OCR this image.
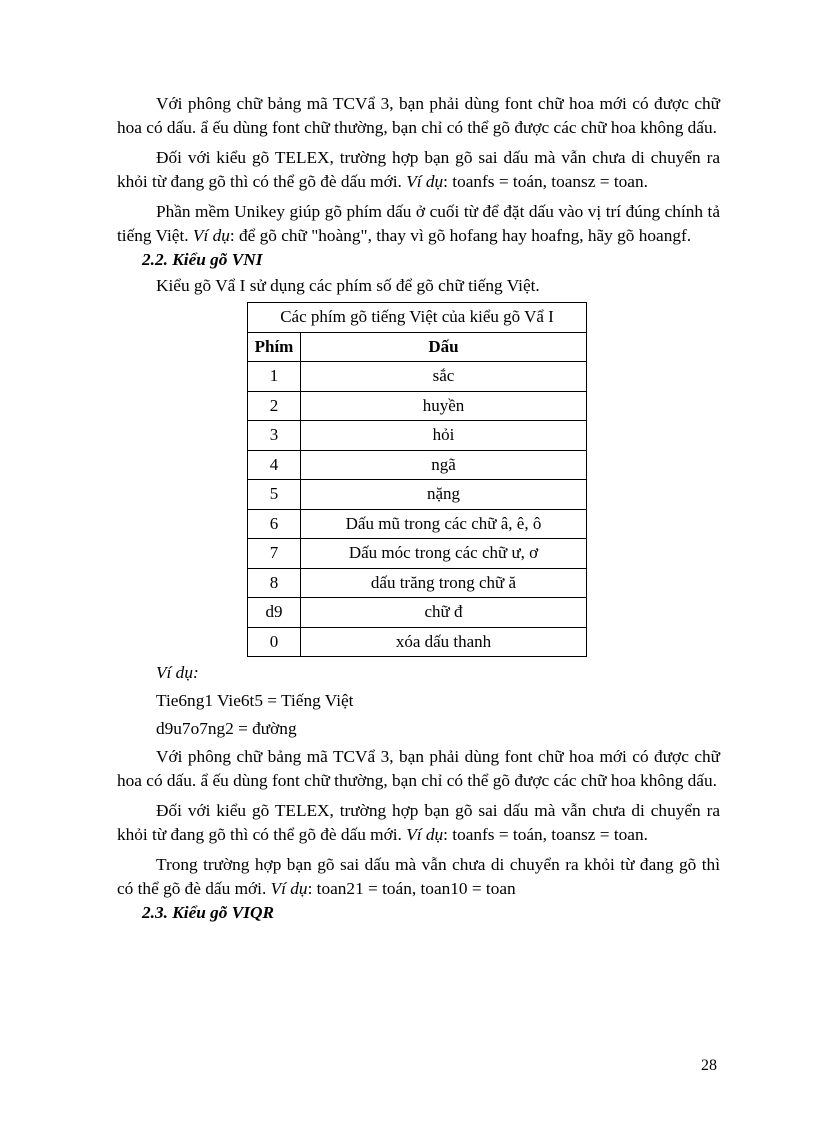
Với phông chữ bảng mã TCVẩ 3, bạn phải dùng font chữ hoa mới có được chữ hoa có dấu. ẩ ếu dùng font chữ thường, bạn chỉ có thể gõ được các chữ hoa không dấu.

Đối với kiểu gõ TELEX, trường hợp bạn gõ sai dấu mà vẫn chưa di chuyển ra khỏi từ đang gõ thì có thể gõ đè dấu mới. Ví dụ: toanfs = toán, toansz = toan.

Phần mềm Unikey giúp gõ phím dấu ở cuối từ để đặt dấu vào vị trí đúng chính tả tiếng Việt. Ví dụ: để gõ chữ "hoàng", thay vì gõ hofang hay hoafng, hãy gõ hoangf.

2.2. Kiểu gõ VNI

Kiểu gõ Vẩ I sử dụng các phím số để gõ chữ tiếng Việt.

Các phím gõ tiếng Việt của kiểu gõ Vẩ I	
Phím	Dấu
1	sắc
2	huyền
3	hỏi
4	ngã
5	nặng
6	Dấu mũ trong các chữ â, ê, ô
7	Dấu móc trong các chữ ư, ơ
8	dấu trăng trong chữ ă
d9	chữ đ
0	xóa dấu thanh

Ví dụ:

Tie6ng1 Vie6t5 = Tiếng Việt

d9u7o7ng2 = đường

Với phông chữ bảng mã TCVẩ 3, bạn phải dùng font chữ hoa mới có được chữ hoa có dấu. ẩ ếu dùng font chữ thường, bạn chỉ có thể gõ được các chữ hoa không dấu.

Đối với kiểu gõ TELEX, trường hợp bạn gõ sai dấu mà vẫn chưa di chuyển ra khỏi từ đang gõ thì có thể gõ đè dấu mới. Ví dụ: toanfs = toán, toansz = toan.

Trong trường hợp bạn gõ sai dấu mà vẫn chưa di chuyển ra khỏi từ đang gõ thì có thể gõ đè dấu mới. Ví dụ: toan21 = toán, toan10 = toan

2.3. Kiểu gõ VIQR

28
